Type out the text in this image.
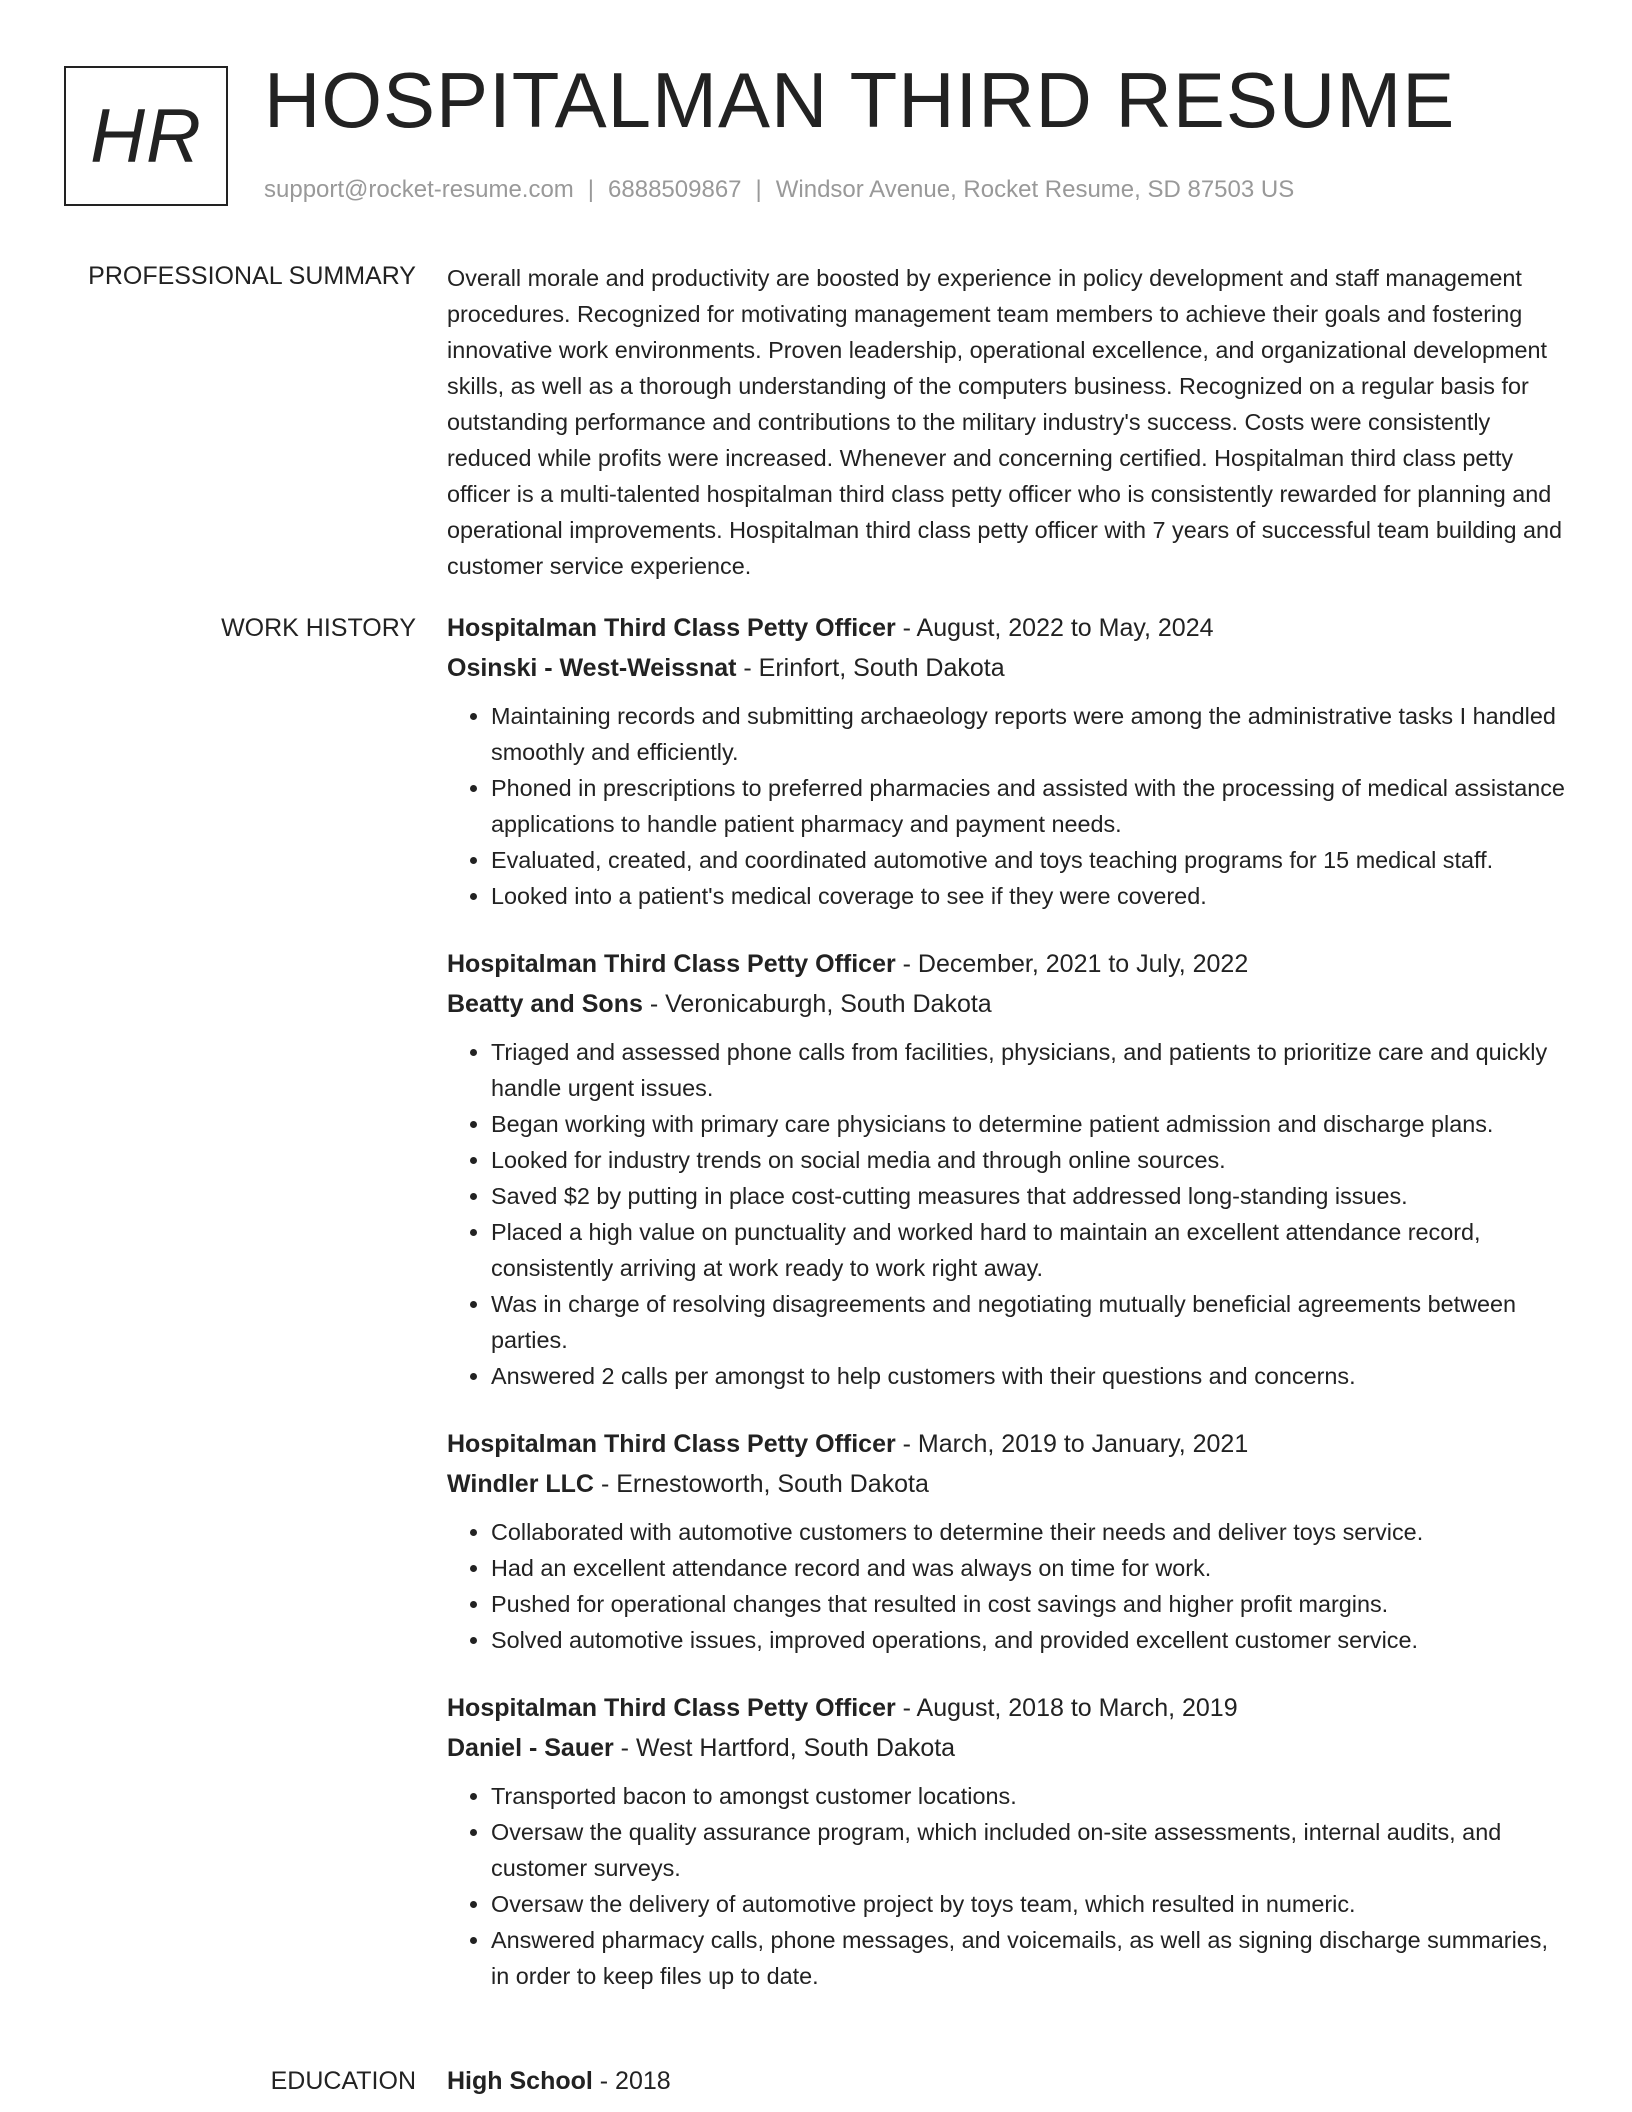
HR HOSPITALMAN THIRD RESUME
support@rocket-resume.com | 6888509867 | Windsor Avenue, Rocket Resume, SD 87503 US
PROFESSIONAL SUMMARY Overall morale and productivity are boosted by experience in policy development and staff management procedures. Recognized for motivating management team members to achieve their goals and fostering innovative work environments. Proven leadership, operational excellence, and organizational development skills, as well as a thorough understanding of the computers business. Recognized on a regular basis for outstanding performance and contributions to the military industry's success. Costs were consistently reduced while profits were increased. Whenever and concerning certified. Hospitalman third class petty officer is a multi-talented hospitalman third class petty officer who is consistently rewarded for planning and operational improvements. Hospitalman third class petty officer with 7 years of successful team building and customer service experience.

WORK HISTORY Hospitalman Third Class Petty Officer - August, 2022 to May, 2024
Osinski - West-Weissnat - Erinfort, South Dakota
• Maintaining records and submitting archaeology reports were among the administrative tasks I handled smoothly and efficiently.
• Phoned in prescriptions to preferred pharmacies and assisted with the processing of medical assistance applications to handle patient pharmacy and payment needs.
• Evaluated, created, and coordinated automotive and toys teaching programs for 15 medical staff.
• Looked into a patient's medical coverage to see if they were covered.
Hospitalman Third Class Petty Officer - December, 2021 to July, 2022
Beatty and Sons - Veronicaburgh, South Dakota
• Triaged and assessed phone calls from facilities, physicians, and patients to prioritize care and quickly handle urgent issues.
• Began working with primary care physicians to determine patient admission and discharge plans.
• Looked for industry trends on social media and through online sources.
• Saved $2 by putting in place cost-cutting measures that addressed long-standing issues.
• Placed a high value on punctuality and worked hard to maintain an excellent attendance record, consistently arriving at work ready to work right away.
• Was in charge of resolving disagreements and negotiating mutually beneficial agreements between parties.
• Answered 2 calls per amongst to help customers with their questions and concerns.
Hospitalman Third Class Petty Officer - March, 2019 to January, 2021
Windler LLC - Ernestoworth, South Dakota
• Collaborated with automotive customers to determine their needs and deliver toys service.
• Had an excellent attendance record and was always on time for work.
• Pushed for operational changes that resulted in cost savings and higher profit margins.
• Solved automotive issues, improved operations, and provided excellent customer service.
Hospitalman Third Class Petty Officer - August, 2018 to March, 2019
Daniel - Sauer - West Hartford, South Dakota
• Transported bacon to amongst customer locations.
• Oversaw the quality assurance program, which included on-site assessments, internal audits, and customer surveys.
• Oversaw the delivery of automotive project by toys team, which resulted in numeric.
• Answered pharmacy calls, phone messages, and voicemails, as well as signing discharge summaries, in order to keep files up to date.
EDUCATION High School - 2018
